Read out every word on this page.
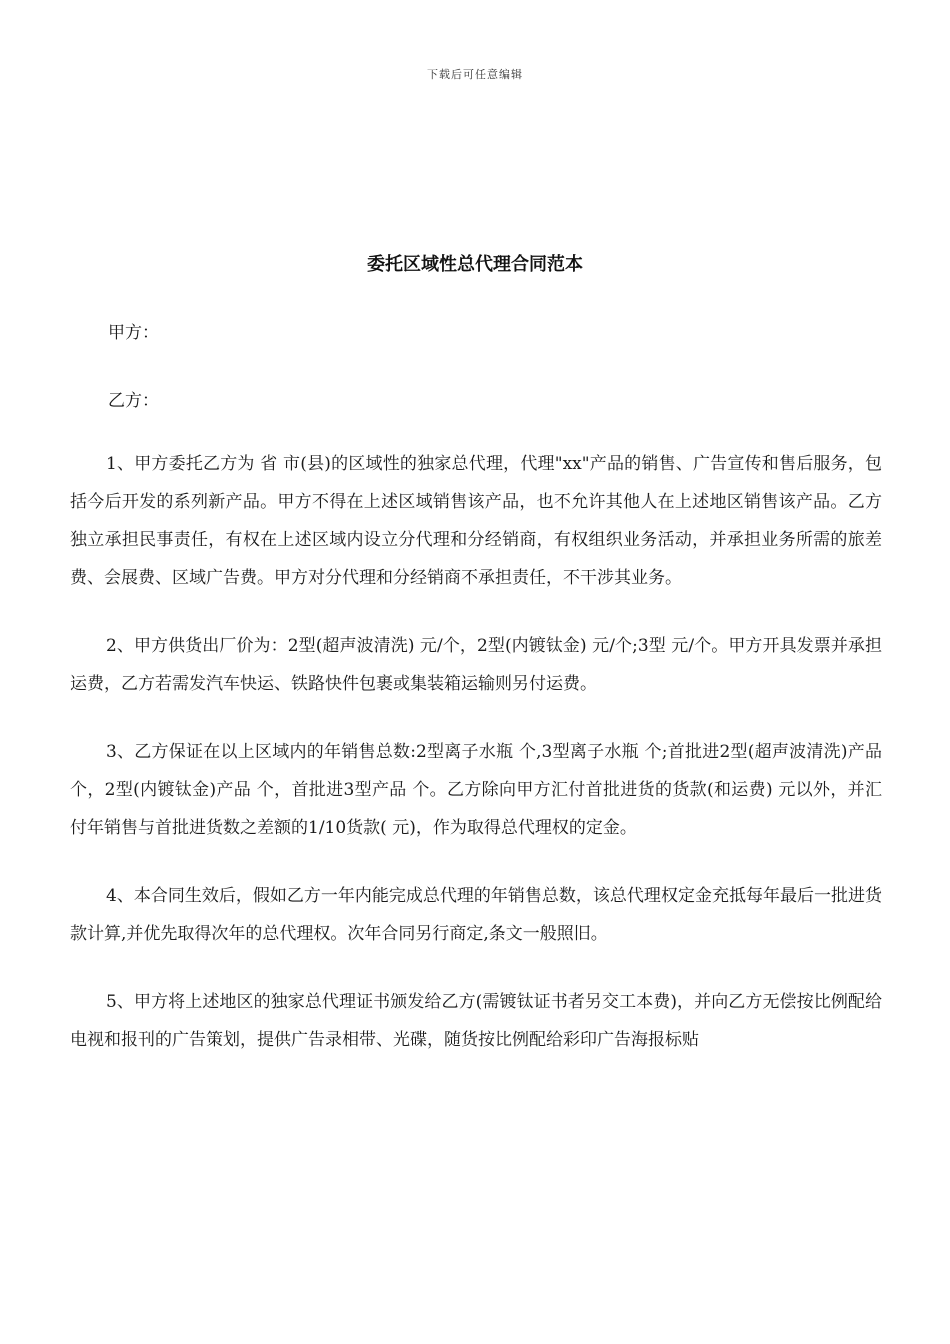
下载后可任意编辑
委托区域性总代理合同范本
甲方：
乙方：

1、甲方委托乙方为 省 市(县)的区域性的独家总代理，代理"xx"产品的销售、广告宣传和售后服务，包括今后开发的系列新产品。甲方不得在上述区域销售该产品，也不允许其他人在上述地区销售该产品。乙方独立承担民事责任，有权在上述区域内设立分代理和分经销商，有权组织业务活动，并承担业务所需的旅差费、会展费、区域广告费。甲方对分代理和分经销商不承担责任，不干涉其业务。

2、甲方供货出厂价为：2型(超声波清洗) 元/个，2型(内镀钛金) 元/个;3型 元/个。甲方开具发票并承担运费，乙方若需发汽车快运、铁路快件包裹或集装箱运输则另付运费。

3、乙方保证在以上区域内的年销售总数:2型离子水瓶 个,3型离子水瓶 个;首批进2型(超声波清洗)产品 个，2型(内镀钛金)产品 个，首批进3型产品 个。乙方除向甲方汇付首批进货的货款(和运费) 元以外，并汇付年销售与首批进货数之差额的1/10货款( 元)，作为取得总代理权的定金。

4、本合同生效后，假如乙方一年内能完成总代理的年销售总数，该总代理权定金充抵每年最后一批进货款计算,并优先取得次年的总代理权。次年合同另行商定,条文一般照旧。

5、甲方将上述地区的独家总代理证书颁发给乙方(需镀钛证书者另交工本费)，并向乙方无偿按比例配给电视和报刊的广告策划，提供广告录相带、光碟，随货按比例配给彩印广告海报标贴
